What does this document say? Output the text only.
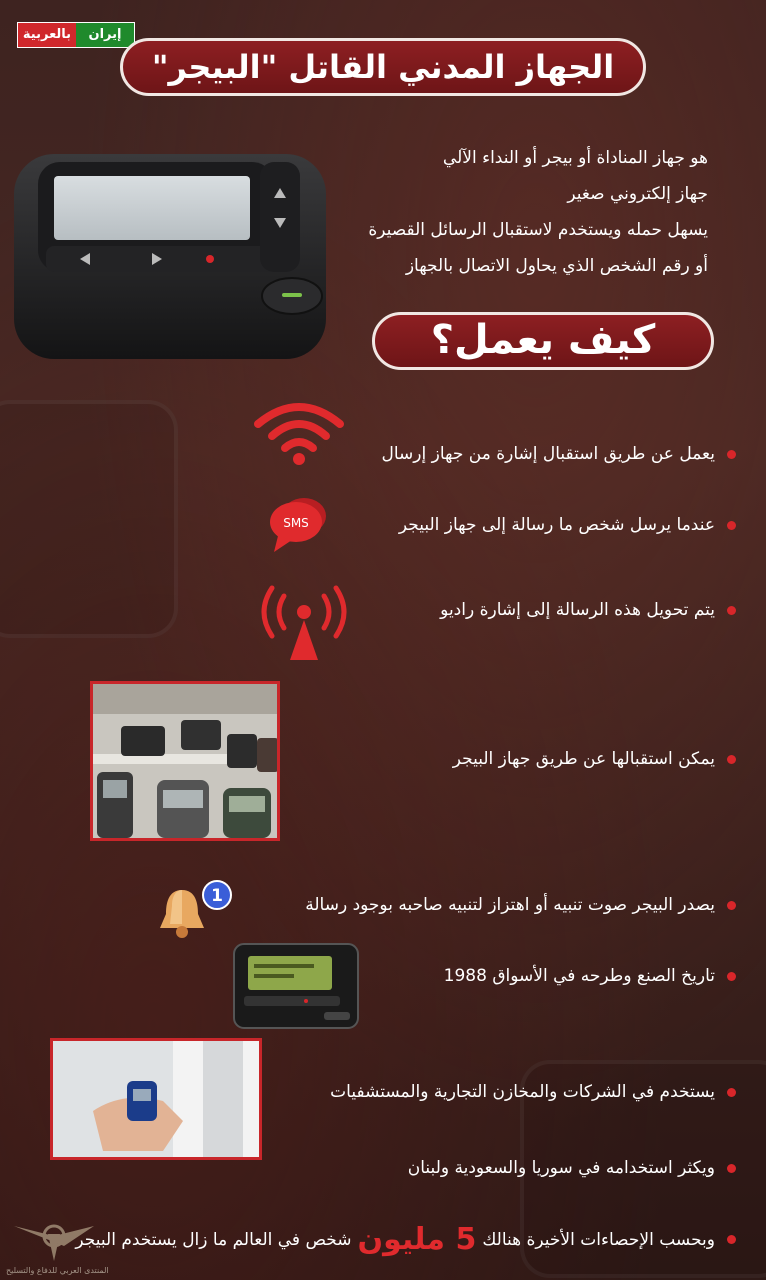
بالعربية	إيران
الجهاز المدني القاتل "البيجر"
هو جهاز المناداة أو بيجر أو النداء الآلي
جهاز إلكتروني صغير
يسهل حمله ويستخدم لاستقبال الرسائل القصيرة
أو رقم الشخص الذي يحاول الاتصال بالجهاز
كيف يعمل؟
يعمل عن طريق استقبال إشارة من جهاز إرسال
SMS	عندما يرسل شخص ما رسالة إلى جهاز البيجر
يتم تحويل هذه الرسالة إلى إشارة راديو
يمكن استقبالها عن طريق جهاز البيجر
1	يصدر البيجر صوت تنبيه أو اهتزاز لتنبيه صاحبه بوجود رسالة
تاريخ الصنع وطرحه في الأسواق 1988
يستخدم في الشركات والمخازن التجارية والمستشفيات
ويكثر استخدامه في سوريا والسعودية ولبنان
وبحسب الإحصاءات الأخيرة هنالك
5 مليون
شخص في العالم ما زال يستخدم البيجر
المنتدى العربي للدفاع والتسليح
